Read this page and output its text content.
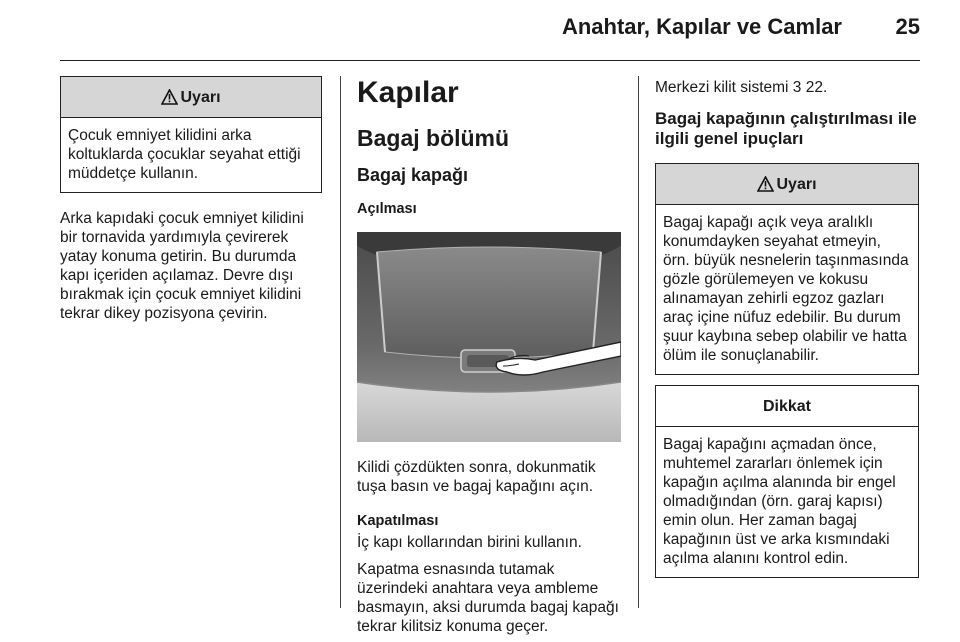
Anahtar, Kapılar ve Camlar 25
Uyarı

Çocuk emniyet kilidini arka koltuklarda çocuklar seyahat ettiği müddetçe kullanın.

Arka kapıdaki çocuk emniyet kilidini bir tornavida yardımıyla çevirerek yatay konuma getirin. Bu durumda kapı içeriden açılamaz. Devre dışı bırakmak için çocuk emniyet kilidini tekrar dikey pozisyona çevirin.

Kapılar
Bagaj bölümü
Bagaj kapağı
Açılması

Kilidi çözdükten sonra, dokunmatik tuşa basın ve bagaj kapağını açın.

Kapatılması

İç kapı kollarından birini kullanın.

Kapatma esnasında tutamak üzerindeki anahtara veya ambleme basmayın, aksi durumda bagaj kapağı tekrar kilitsiz konuma geçer.

Merkezi kilit sistemi 3 22.

Bagaj kapağının çalıştırılması ile ilgili genel ipuçları
Uyarı

Bagaj kapağı açık veya aralıklı konumdayken seyahat etmeyin, örn. büyük nesnelerin taşınmasında gözle görülemeyen ve kokusu alınamayan zehirli egzoz gazları araç içine nüfuz edebilir. Bu durum şuur kaybına sebep olabilir ve hatta ölüm ile sonuçlanabilir.

Dikkat

Bagaj kapağını açmadan önce, muhtemel zararları önlemek için kapağın açılma alanında bir engel olmadığından (örn. garaj kapısı) emin olun. Her zaman bagaj kapağının üst ve arka kısmındaki açılma alanını kontrol edin.
